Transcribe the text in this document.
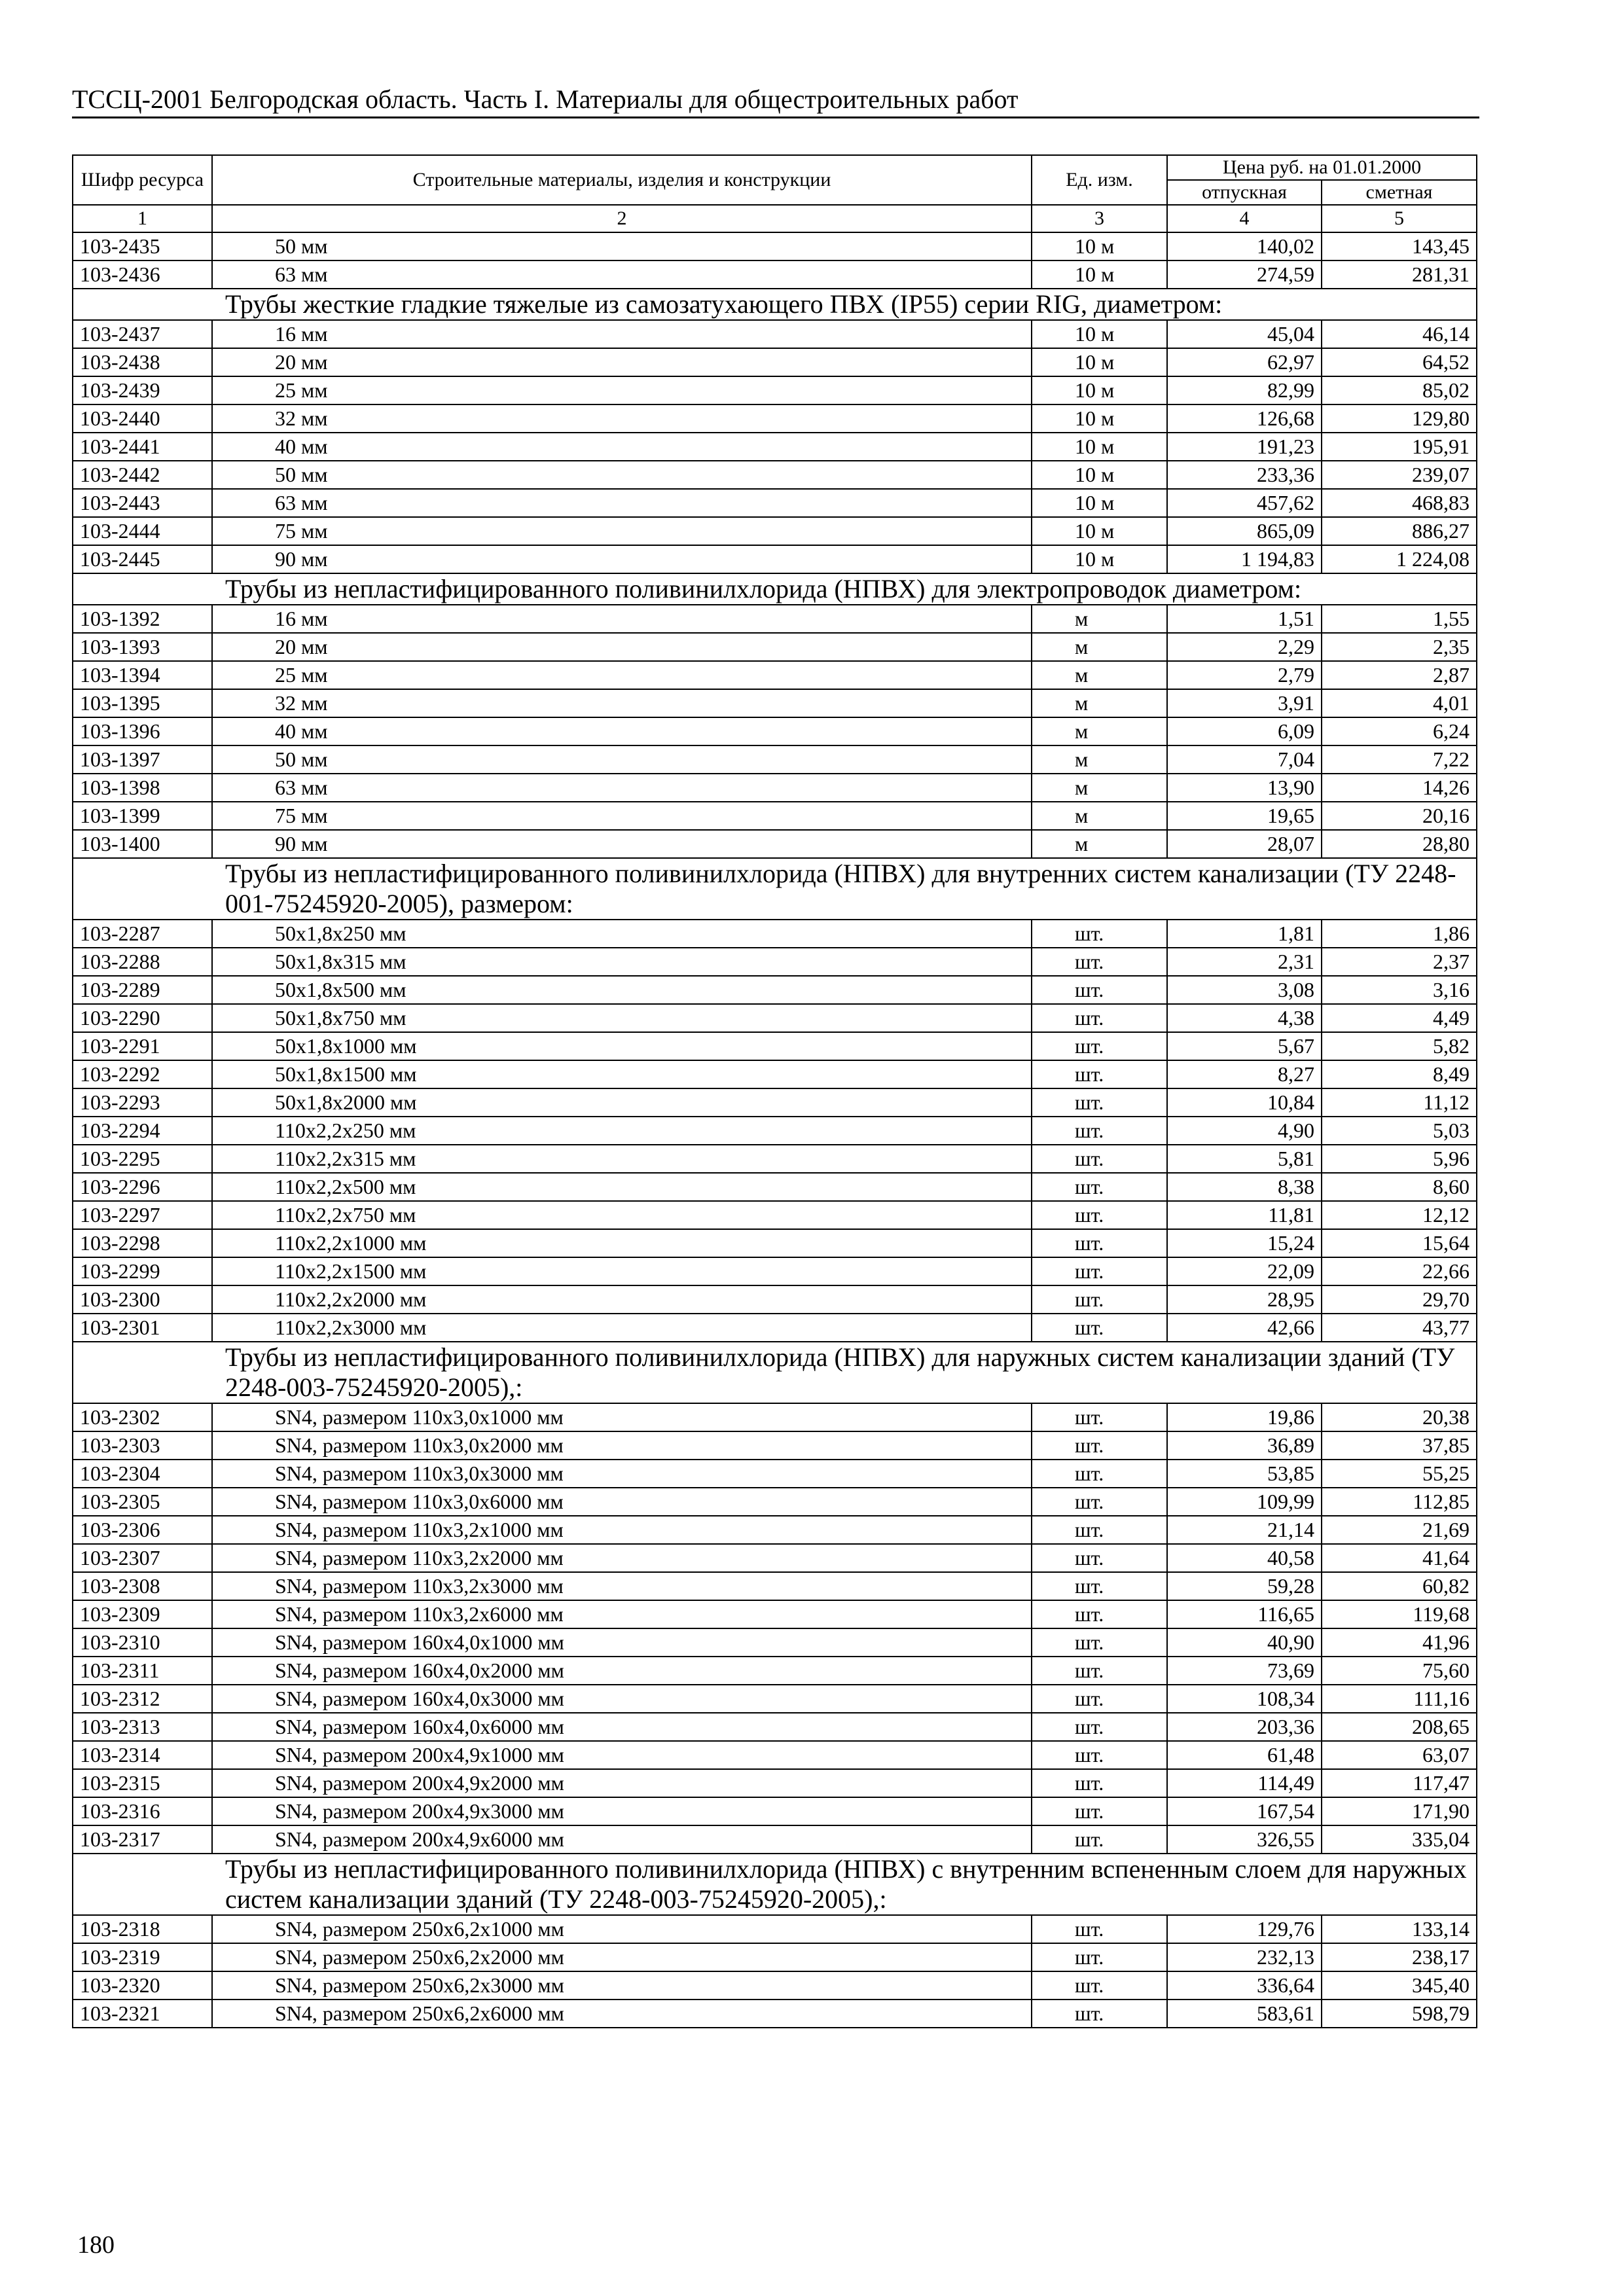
ТССЦ-2001 Белгородская область. Часть I. Материалы для общестроительных работ
Шифр ресурса	Строительные материалы, изделия и конструкции	Ед. изм.	Цена руб. на 01.01.2000	
			отпускная	сметная
1	2	3	4	5
103-2435	50 мм	10 м	140,02	143,45
103-2436	63 мм	10 м	274,59	281,31
Трубы жесткие гладкие тяжелые из самозатухающего ПВХ (IP55) серии RIG, диаметром:				
103-2437	16 мм	10 м	45,04	46,14
103-2438	20 мм	10 м	62,97	64,52
103-2439	25 мм	10 м	82,99	85,02
103-2440	32 мм	10 м	126,68	129,80
103-2441	40 мм	10 м	191,23	195,91
103-2442	50 мм	10 м	233,36	239,07
103-2443	63 мм	10 м	457,62	468,83
103-2444	75 мм	10 м	865,09	886,27
103-2445	90 мм	10 м	1 194,83	1 224,08
Трубы из непластифицированного поливинилхлорида (НПВХ) для электропроводок диаметром:				
103-1392	16 мм	м	1,51	1,55
103-1393	20 мм	м	2,29	2,35
103-1394	25 мм	м	2,79	2,87
103-1395	32 мм	м	3,91	4,01
103-1396	40 мм	м	6,09	6,24
103-1397	50 мм	м	7,04	7,22
103-1398	63 мм	м	13,90	14,26
103-1399	75 мм	м	19,65	20,16
103-1400	90 мм	м	28,07	28,80
Трубы из непластифицированного поливинилхлорида (НПВХ) для внутренних систем канализации (ТУ 2248-001-75245920-2005), размером:				
103-2287	50x1,8x250 мм	шт.	1,81	1,86
103-2288	50x1,8x315 мм	шт.	2,31	2,37
103-2289	50x1,8x500 мм	шт.	3,08	3,16
103-2290	50x1,8x750 мм	шт.	4,38	4,49
103-2291	50x1,8x1000 мм	шт.	5,67	5,82
103-2292	50x1,8x1500 мм	шт.	8,27	8,49
103-2293	50x1,8x2000 мм	шт.	10,84	11,12
103-2294	110x2,2x250 мм	шт.	4,90	5,03
103-2295	110x2,2x315 мм	шт.	5,81	5,96
103-2296	110x2,2x500 мм	шт.	8,38	8,60
103-2297	110x2,2x750 мм	шт.	11,81	12,12
103-2298	110x2,2x1000 мм	шт.	15,24	15,64
103-2299	110x2,2x1500 мм	шт.	22,09	22,66
103-2300	110x2,2x2000 мм	шт.	28,95	29,70
103-2301	110x2,2x3000 мм	шт.	42,66	43,77
Трубы из непластифицированного поливинилхлорида (НПВХ) для наружных систем канализации зданий (ТУ 2248-003-75245920-2005),:				
103-2302	SN4, размером 110x3,0x1000 мм	шт.	19,86	20,38
103-2303	SN4, размером 110x3,0x2000 мм	шт.	36,89	37,85
103-2304	SN4, размером 110x3,0x3000 мм	шт.	53,85	55,25
103-2305	SN4, размером 110x3,0x6000 мм	шт.	109,99	112,85
103-2306	SN4, размером 110x3,2x1000 мм	шт.	21,14	21,69
103-2307	SN4, размером 110x3,2x2000 мм	шт.	40,58	41,64
103-2308	SN4, размером 110x3,2x3000 мм	шт.	59,28	60,82
103-2309	SN4, размером 110x3,2x6000 мм	шт.	116,65	119,68
103-2310	SN4, размером 160x4,0x1000 мм	шт.	40,90	41,96
103-2311	SN4, размером 160x4,0x2000 мм	шт.	73,69	75,60
103-2312	SN4, размером 160x4,0x3000 мм	шт.	108,34	111,16
103-2313	SN4, размером 160x4,0x6000 мм	шт.	203,36	208,65
103-2314	SN4, размером 200x4,9x1000 мм	шт.	61,48	63,07
103-2315	SN4, размером 200x4,9x2000 мм	шт.	114,49	117,47
103-2316	SN4, размером 200x4,9x3000 мм	шт.	167,54	171,90
103-2317	SN4, размером 200x4,9x6000 мм	шт.	326,55	335,04
Трубы из непластифицированного поливинилхлорида (НПВХ) с внутренним вспененным слоем для наружных систем канализации зданий (ТУ 2248-003-75245920-2005),:				
103-2318	SN4, размером 250x6,2x1000 мм	шт.	129,76	133,14
103-2319	SN4, размером 250x6,2x2000 мм	шт.	232,13	238,17
103-2320	SN4, размером 250x6,2x3000 мм	шт.	336,64	345,40
103-2321	SN4, размером 250x6,2x6000 мм	шт.	583,61	598,79
180
